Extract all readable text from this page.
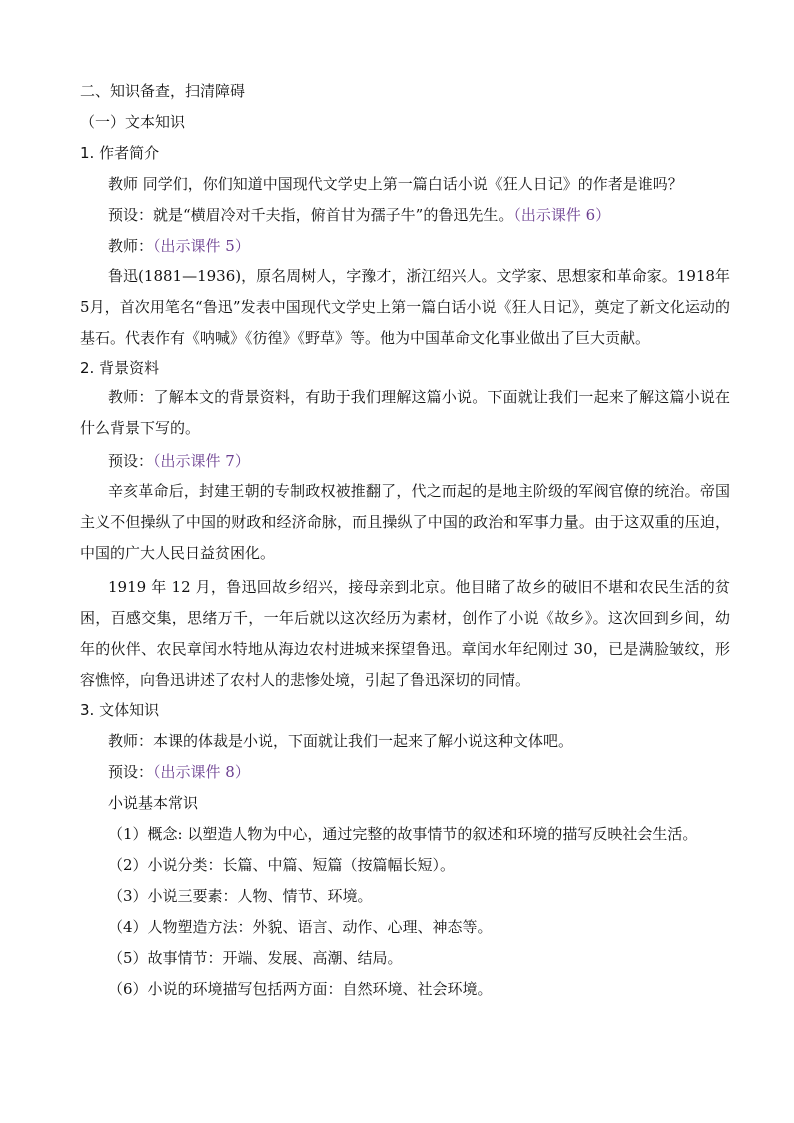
二、知识备查，扫清障碍
（一）文本知识
1. 作者简介
教师 同学们，你们知道中国现代文学史上第一篇白话小说《狂人日记》的作者是谁吗？
预设：就是“横眉冷对千夫指，俯首甘为孺子牛”的鲁迅先生。（出示课件 6）
教师：（出示课件 5）
鲁迅(1881—1936)，原名周树人，字豫才，浙江绍兴人。文学家、思想家和革命家。1918年5月，首次用笔名“鲁迅”发表中国现代文学史上第一篇白话小说《狂人日记》，奠定了新文化运动的基石。代表作有《呐喊》《彷徨》《野草》等。他为中国革命文化事业做出了巨大贡献。
2. 背景资料
教师：了解本文的背景资料，有助于我们理解这篇小说。下面就让我们一起来了解这篇小说在什么背景下写的。
预设：（出示课件 7）
辛亥革命后，封建王朝的专制政权被推翻了，代之而起的是地主阶级的军阀官僚的统治。帝国主义不但操纵了中国的财政和经济命脉，而且操纵了中国的政治和军事力量。由于这双重的压迫，中国的广大人民日益贫困化。
1919 年 12 月，鲁迅回故乡绍兴，接母亲到北京。他目睹了故乡的破旧不堪和农民生活的贫困，百感交集，思绪万千，一年后就以这次经历为素材，创作了小说《故乡》。这次回到乡间，幼年的伙伴、农民章闰水特地从海边农村进城来探望鲁迅。章闰水年纪刚过 30，已是满脸皱纹，形容憔悴，向鲁迅讲述了农村人的悲惨处境，引起了鲁迅深切的同情。
3. 文体知识
教师：本课的体裁是小说，下面就让我们一起来了解小说这种文体吧。
预设：（出示课件 8）
小说基本常识
（1）概念: 以塑造人物为中心，通过完整的故事情节的叙述和环境的描写反映社会生活。
（2）小说分类：长篇、中篇、短篇（按篇幅长短）。
（3）小说三要素：人物、情节、环境。
（4）人物塑造方法：外貌、语言、动作、心理、神态等。
（5）故事情节：开端、发展、高潮、结局。
（6）小说的环境描写包括两方面：自然环境、社会环境。
